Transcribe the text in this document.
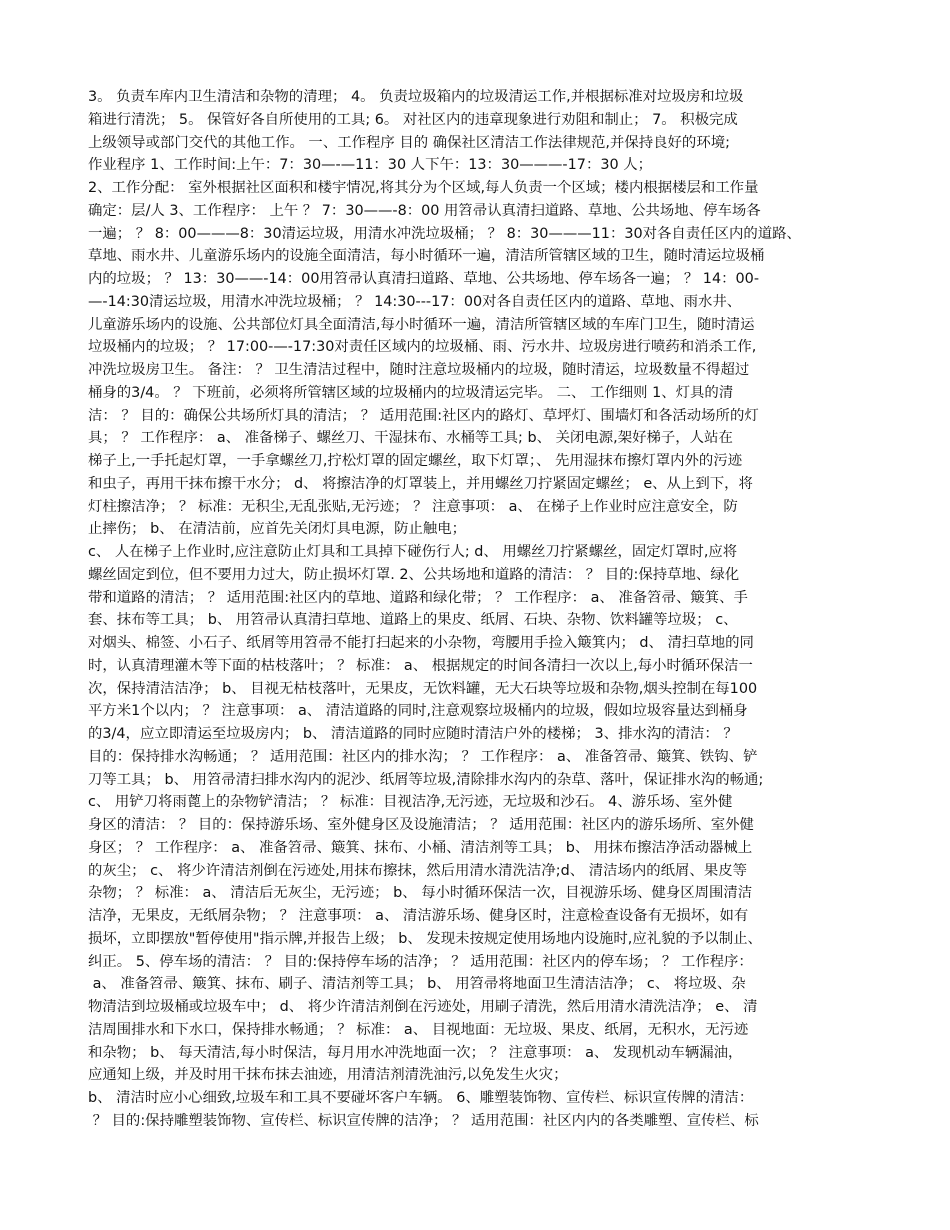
3。 负责车库内卫生清洁和杂物的清理； 4。 负责垃圾箱内的垃圾清运工作,并根据标准对垃圾房和垃圾
箱进行清洗； 5。 保管好各自所使用的工具; 6。 对社区内的违章现象进行劝阻和制止； 7。 积极完成
上级领导或部门交代的其他工作。 一、工作程序 目的 确保社区清洁工作法律规范,并保持良好的环境;
作业程序 1、工作时间:上午：7：30—-—11：30 人下午：13：30———-17：30 人；
2、工作分配： 室外根据社区面积和楼宇情况,将其分为个区域,每人负责一个区域；楼内根据楼层和工作量
确定：层/人 3、工作程序： 上午 ？ 7：30——-8：00 用笤帚认真清扫道路、草地、公共场地、停车场各
一遍； ？ 8：00———8：30清运垃圾，用清水冲洗垃圾桶； ？ 8：30———11：30对各自责任区内的道路、
草地、雨水井、儿童游乐场内的设施全面清洁，每小时循环一遍，清洁所管辖区域的卫生，随时清运垃圾桶
内的垃圾； ？ 13：30——-14：00用笤帚认真清扫道路、草地、公共场地、停车场各一遍； ？ 14：00-
—-14:30清运垃圾，用清水冲洗垃圾桶； ？ 14:30---17：00对各自责任区内的道路、草地、雨水井、
儿童游乐场内的设施、公共部位灯具全面清洁,每小时循环一遍，清洁所管辖区域的车库门卫生，随时清运
垃圾桶内的垃圾； ？ 17:00-—-17:30对责任区域内的垃圾桶、雨、污水井、垃圾房进行喷药和消杀工作,
冲洗垃圾房卫生。 备注： ？ 卫生清洁过程中，随时注意垃圾桶内的垃圾，随时清运，垃圾数量不得超过
桶身的3/4。 ？ 下班前，必须将所管辖区域的垃圾桶内的垃圾清运完毕。 二、 工作细则 1、灯具的清
洁： ？ 目的：确保公共场所灯具的清洁； ？ 适用范围:社区内的路灯、草坪灯、围墙灯和各活动场所的灯
具； ？ 工作程序： a、 准备梯子、螺丝刀、干湿抹布、水桶等工具; b、 关闭电源,架好梯子，人站在
梯子上,一手托起灯罩，一手拿螺丝刀,拧松灯罩的固定螺丝，取下灯罩；、 先用湿抹布擦灯罩内外的污迹
和虫子，再用干抹布擦干水分； d、 将擦洁净的灯罩装上，并用螺丝刀拧紧固定螺丝； e、从上到下，将
灯柱擦洁净； ？ 标准：无积尘,无乱张贴,无污迹； ？ 注意事项： a、 在梯子上作业时应注意安全，防
止摔伤； b、 在清洁前，应首先关闭灯具电源，防止触电；
c、 人在梯子上作业时,应注意防止灯具和工具掉下碰伤行人; d、 用螺丝刀拧紧螺丝，固定灯罩时,应将
螺丝固定到位，但不要用力过大，防止损坏灯罩. 2、公共场地和道路的清洁： ？ 目的:保持草地、绿化
带和道路的清洁； ？ 适用范围:社区内的草地、道路和绿化带； ？ 工作程序： a、 准备笤帚、簸箕、手
套、抹布等工具； b、 用笤帚认真清扫草地、道路上的果皮、纸屑、石块、杂物、饮料罐等垃圾； c、
对烟头、棉签、小石子、纸屑等用笤帚不能打扫起来的小杂物，弯腰用手捡入簸箕内； d、 清扫草地的同
时，认真清理灌木等下面的枯枝落叶； ？ 标准： a、 根据规定的时间各清扫一次以上,每小时循环保洁一
次，保持清洁洁净； b、 目视无枯枝落叶，无果皮，无饮料罐，无大石块等垃圾和杂物,烟头控制在每100
平方米1个以内； ？ 注意事项： a、 清洁道路的同时,注意观察垃圾桶内的垃圾，假如垃圾容量达到桶身
的3/4，应立即清运至垃圾房内； b、 清洁道路的同时应随时清洁户外的楼梯； 3、排水沟的清洁： ？
目的：保持排水沟畅通； ？ 适用范围：社区内的排水沟； ？ 工作程序： a、 准备笤帚、簸箕、铁钩、铲
刀等工具； b、 用笤帚清扫排水沟内的泥沙、纸屑等垃圾,清除排水沟内的杂草、落叶，保证排水沟的畅通;
c、 用铲刀将雨蓖上的杂物铲清洁； ？ 标准：目视洁净,无污迹，无垃圾和沙石。 4、游乐场、室外健
身区的清洁： ？ 目的：保持游乐场、室外健身区及设施清洁； ？ 适用范围：社区内的游乐场所、室外健
身区； ？ 工作程序： a、 准备笤帚、簸箕、抹布、小桶、清洁剂等工具； b、 用抹布擦洁净活动器械上
的灰尘； c、 将少许清洁剂倒在污迹处,用抹布擦抹，然后用清水清洗洁净;d、 清洁场内的纸屑、果皮等
杂物； ？ 标准： a、 清洁后无灰尘，无污迹； b、 每小时循环保洁一次，目视游乐场、健身区周围清洁
洁净，无果皮，无纸屑杂物； ？ 注意事项： a、 清洁游乐场、健身区时，注意检查设备有无损坏，如有
损坏，立即摆放"暂停使用"指示牌,并报告上级； b、 发现未按规定使用场地内设施时,应礼貌的予以制止、
纠正。 5、停车场的清洁： ？ 目的:保持停车场的洁净； ？ 适用范围：社区内的停车场； ？ 工作程序：
a、 准备笤帚、簸箕、抹布、刷子、清洁剂等工具； b、 用笤帚将地面卫生清洁洁净； c、 将垃圾、杂
物清洁到垃圾桶或垃圾车中； d、 将少许清洁剂倒在污迹处，用刷子清洗，然后用清水清洗洁净； e、 清
洁周围排水和下水口，保持排水畅通； ？ 标准： a、 目视地面：无垃圾、果皮、纸屑，无积水，无污迹
和杂物； b、 每天清洁,每小时保洁，每月用水冲洗地面一次； ？ 注意事项： a、 发现机动车辆漏油，
应通知上级，并及时用干抹布抹去油迹，用清洁剂清洗油污,以免发生火灾；
b、 清洁时应小心细致,垃圾车和工具不要碰坏客户车辆。 6、雕塑装饰物、宣传栏、标识宣传牌的清洁：
？ 目的:保持雕塑装饰物、宣传栏、标识宣传牌的洁净； ？ 适用范围：社区内内的各类雕塑、宣传栏、标
